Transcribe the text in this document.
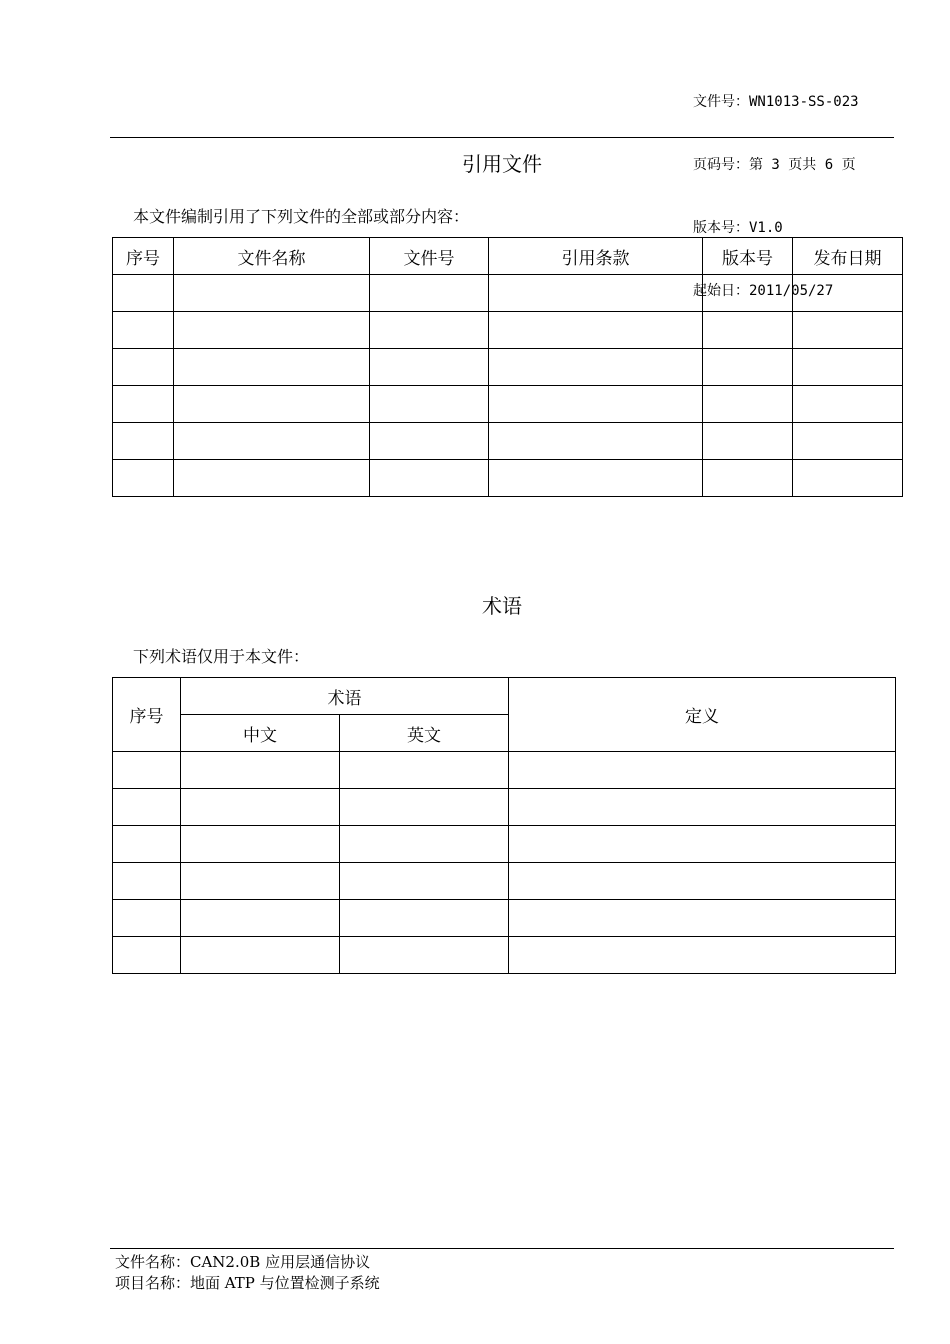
文件号：WN1013-SS-023

页码号：第 3 页共 6 页

版本号：V1.0

起始日：2011/05/27

引用文件
本文件编制引用了下列文件的全部或部分内容：
序号	文件名称	文件号	引用条款	版本号	发布日期

术语
下列术语仅用于本文件：
序号	术语		定义
	中文	英文	

文件名称：CAN2.0B 应用层通信协议
项目名称：地面 ATP 与位置检测子系统
